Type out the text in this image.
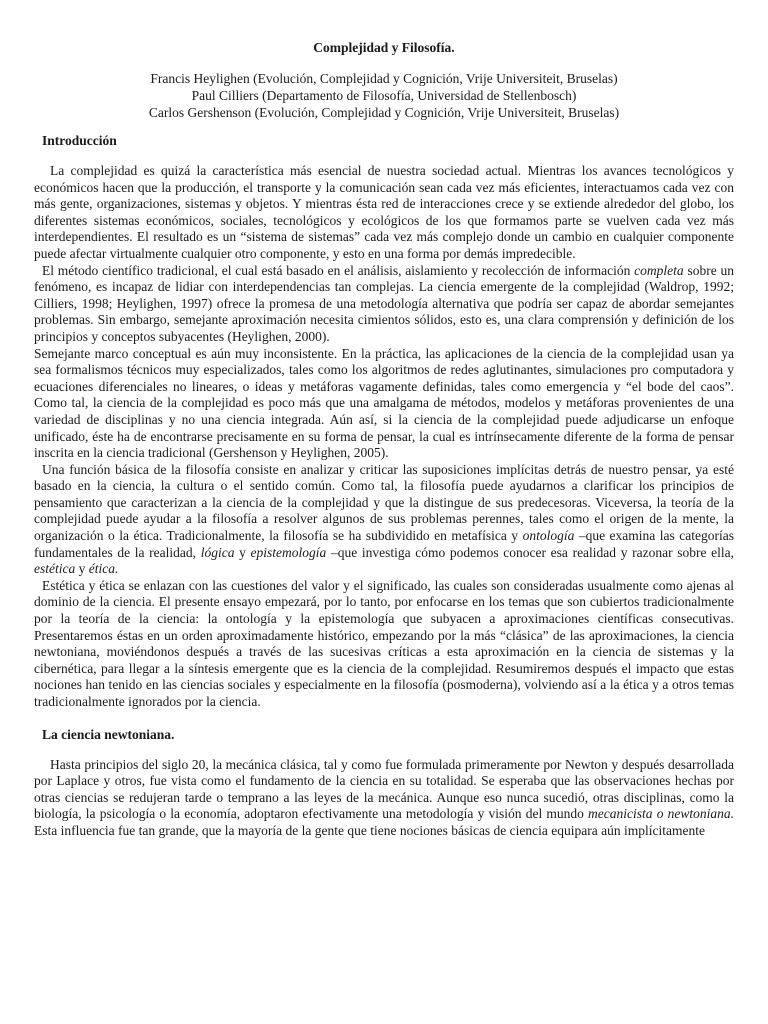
Complejidad y Filosofía.
Francis Heylighen (Evolución, Complejidad y Cognición, Vrije Universiteit, Bruselas)
Paul Cilliers (Departamento de Filosofía, Universidad de Stellenbosch)
Carlos Gershenson (Evolución, Complejidad y Cognición, Vrije Universiteit, Bruselas)
Introducción

La complejidad es quizá la característica más esencial de nuestra sociedad actual. Mientras los avances tecnológicos y económicos hacen que la producción, el transporte y la comunicación sean cada vez más eficientes, interactuamos cada vez con más gente, organizaciones, sistemas y objetos. Y mientras ésta red de interacciones crece y se extiende alrededor del globo, los diferentes sistemas económicos, sociales, tecnológicos y ecológicos de los que formamos parte se vuelven cada vez más interdependientes. El resultado es un “sistema de sistemas” cada vez más complejo donde un cambio en cualquier componente puede afectar virtualmente cualquier otro componente, y esto en una forma por demás impredecible.

El método científico tradicional, el cual está basado en el análisis, aislamiento y recolección de información completa sobre un fenómeno, es incapaz de lidiar con interdependencias tan complejas. La ciencia emergente de la complejidad (Waldrop, 1992; Cilliers, 1998; Heylighen, 1997) ofrece la promesa de una metodología alternativa que podría ser capaz de abordar semejantes problemas. Sin embargo, semejante aproximación necesita cimientos sólidos, esto es, una clara comprensión y definición de los principios y conceptos subyacentes (Heylighen, 2000).

Semejante marco conceptual es aún muy inconsistente. En la práctica, las aplicaciones de la ciencia de la complejidad usan ya sea formalismos técnicos muy especializados, tales como los algoritmos de redes aglutinantes, simulaciones pro computadora y ecuaciones diferenciales no lineares, o ideas y metáforas vagamente definidas, tales como emergencia y “el bode del caos”. Como tal, la ciencia de la complejidad es poco más que una amalgama de métodos, modelos y metáforas provenientes de una variedad de disciplinas y no una ciencia integrada. Aún así, si la ciencia de la complejidad puede adjudicarse un enfoque unificado, éste ha de encontrarse precisamente en su forma de pensar, la cual es intrínsecamente diferente de la forma de pensar inscrita en la ciencia tradicional (Gershenson y Heylighen, 2005).

Una función básica de la filosofía consiste en analizar y criticar las suposiciones implícitas detrás de nuestro pensar, ya esté basado en la ciencia, la cultura o el sentido común. Como tal, la filosofía puede ayudarnos a clarificar los principios de pensamiento que caracterizan a la ciencia de la complejidad y que la distingue de sus predecesoras. Viceversa, la teoría de la complejidad puede ayudar a la filosofía a resolver algunos de sus problemas perennes, tales como el origen de la mente, la organización o la ética. Tradicionalmente, la filosofía se ha subdividido en metafísica y ontología –que examina las categorías fundamentales de la realidad, lógica y epistemología –que investiga cómo podemos conocer esa realidad y razonar sobre ella, estética y ética.

Estética y ética se enlazan con las cuestiones del valor y el significado, las cuales son consideradas usualmente como ajenas al dominio de la ciencia. El presente ensayo empezará, por lo tanto, por enfocarse en los temas que son cubiertos tradicionalmente por la teoría de la ciencia: la ontología y la epistemología que subyacen a aproximaciones científicas consecutivas. Presentaremos éstas en un orden aproximadamente histórico, empezando por la más “clásica” de las aproximaciones, la ciencia newtoniana, moviéndonos después a través de las sucesivas críticas a esta aproximación en la ciencia de sistemas y la cibernética, para llegar a la síntesis emergente que es la ciencia de la complejidad. Resumiremos después el impacto que estas nociones han tenido en las ciencias sociales y especialmente en la filosofía (posmoderna), volviendo así a la ética y a otros temas tradicionalmente ignorados por la ciencia.

La ciencia newtoniana.

Hasta principios del siglo 20, la mecánica clásica, tal y como fue formulada primeramente por Newton y después desarrollada por Laplace y otros, fue vista como el fundamento de la ciencia en su totalidad. Se esperaba que las observaciones hechas por otras ciencias se redujeran tarde o temprano a las leyes de la mecánica. Aunque eso nunca sucedió, otras disciplinas, como la biología, la psicología o la economía, adoptaron efectivamente una metodología y visión del mundo mecanicista o newtoniana. Esta influencia fue tan grande, que la mayoría de la gente que tiene nociones básicas de ciencia equipara aún implícitamente
